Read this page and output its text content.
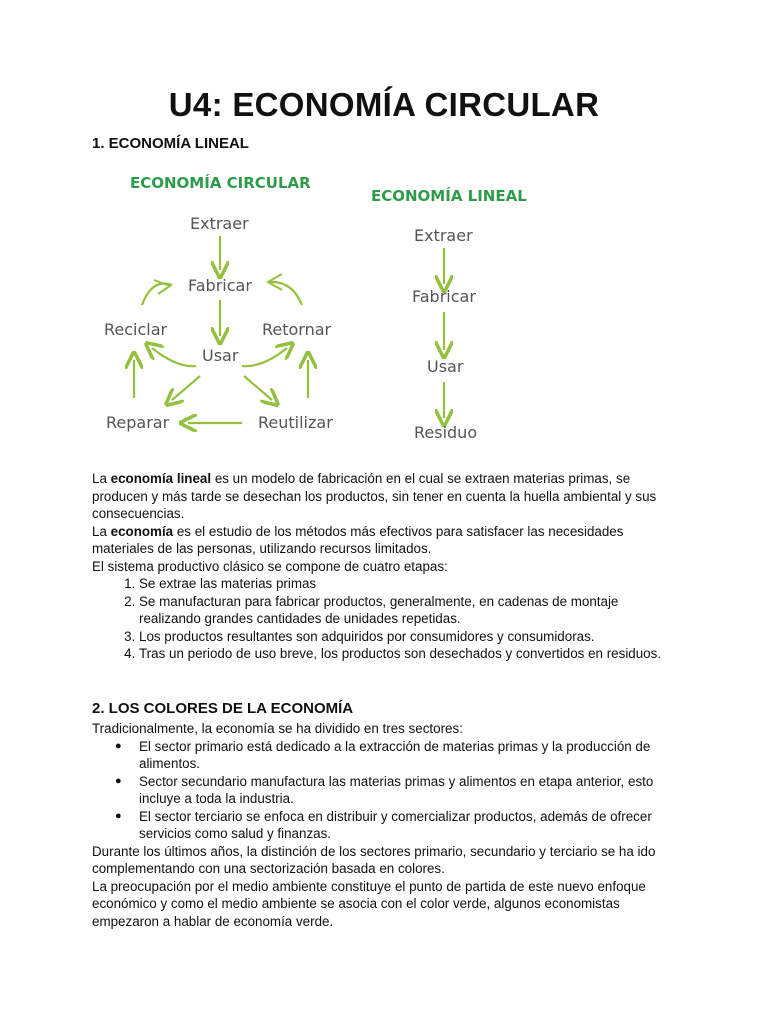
U4: ECONOMÍA CIRCULAR
1. ECONOMÍA LINEAL
ECONOMÍA CIRCULAR
Extraer
Fabricar
Reciclar	Retornar
Usar
Reparar	Reutilizar
ECONOMÍA LINEAL
Extraer
Fabricar
Usar
Residuo

La economía lineal es un modelo de fabricación en el cual se extraen materias primas, se producen y más tarde se desechan los productos, sin tener en cuenta la huella ambiental y sus consecuencias.

La economía es el estudio de los métodos más efectivos para satisfacer las necesidades materiales de las personas, utilizando recursos limitados.

El sistema productivo clásico se compone de cuatro etapas:

1. Se extrae las materias primas
2. Se manufacturan para fabricar productos, generalmente, en cadenas de montaje realizando grandes cantidades de unidades repetidas.
3. Los productos resultantes son adquiridos por consumidores y consumidoras.
4. Tras un periodo de uso breve, los productos son desechados y convertidos en residuos.
2. LOS COLORES DE LA ECONOMÍA

Tradicionalmente, la economía se ha dividido en tres sectores:

● El sector primario está dedicado a la extracción de materias primas y la producción de alimentos.
● Sector secundario manufactura las materias primas y alimentos en etapa anterior, esto incluye a toda la industria.
● El sector terciario se enfoca en distribuir y comercializar productos, además de ofrecer servicios como salud y finanzas.

Durante los últimos años, la distinción de los sectores primario, secundario y terciario se ha ido complementando con una sectorización basada en colores.

La preocupación por el medio ambiente constituye el punto de partida de este nuevo enfoque económico y como el medio ambiente se asocia con el color verde, algunos economistas empezaron a hablar de economía verde.
